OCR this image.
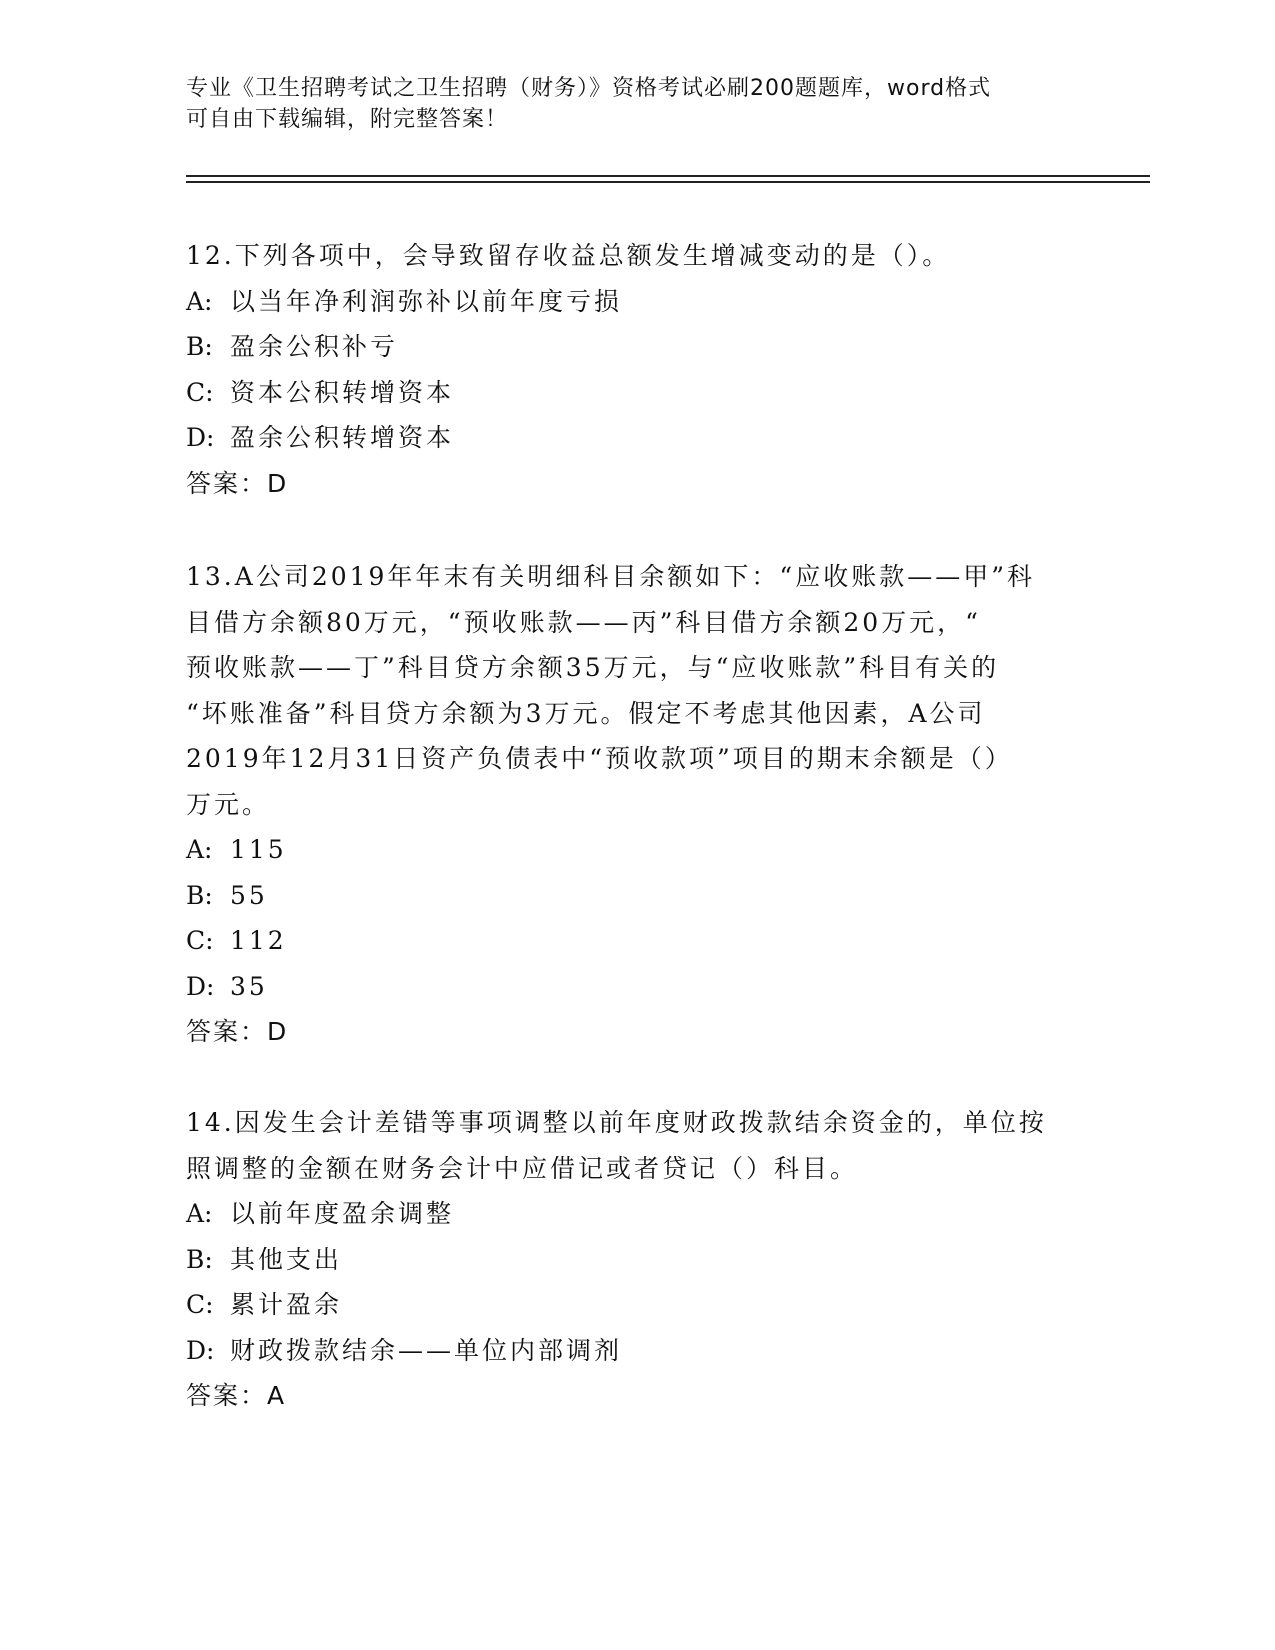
专业《卫生招聘考试之卫生招聘（财务）》资格考试必刷200题题库，word格式
可自由下载编辑，附完整答案！

12.下列各项中，会导致留存收益总额发生增减变动的是（）。

A: 以当年净利润弥补以前年度亏损

B: 盈余公积补亏

C: 资本公积转增资本

D: 盈余公积转增资本

答案：D

13.A公司2019年年末有关明细科目余额如下：“应收账款——甲”科

目借方余额80万元，“预收账款——丙”科目借方余额20万元，“

预收账款——丁”科目贷方余额35万元，与“应收账款”科目有关的

“坏账准备”科目贷方余额为3万元。假定不考虑其他因素，A公司

2019年12月31日资产负债表中“预收款项”项目的期末余额是（）

万元。

A: 115

B: 55

C: 112

D: 35

答案：D

14.因发生会计差错等事项调整以前年度财政拨款结余资金的，单位按

照调整的金额在财务会计中应借记或者贷记（）科目。

A: 以前年度盈余调整

B: 其他支出

C: 累计盈余

D: 财政拨款结余——单位内部调剂

答案：A
